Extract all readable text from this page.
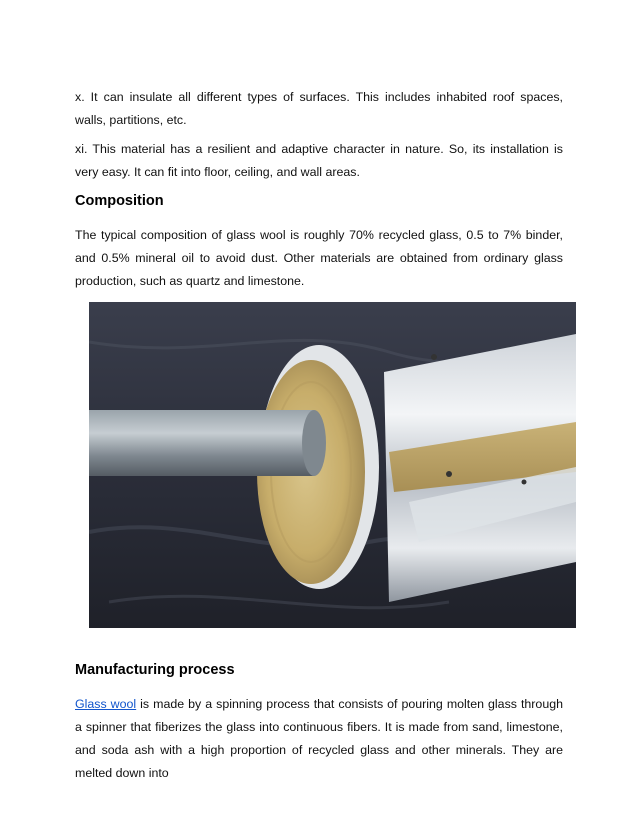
x. It can insulate all different types of surfaces. This includes inhabited roof spaces, walls, partitions, etc.

xi. This material has a resilient and adaptive character in nature. So, its installation is very easy. It can fit into floor, ceiling, and wall areas.

Composition

The typical composition of glass wool is roughly 70% recycled glass, 0.5 to 7% binder, and 0.5% mineral oil to avoid dust. Other materials are obtained from ordinary glass production, such as quartz and limestone.

Manufacturing process

Glass wool is made by a spinning process that consists of pouring molten glass through a spinner that fiberizes the glass into continuous fibers. It is made from sand, limestone, and soda ash with a high proportion of recycled glass and other minerals. They are melted down into
